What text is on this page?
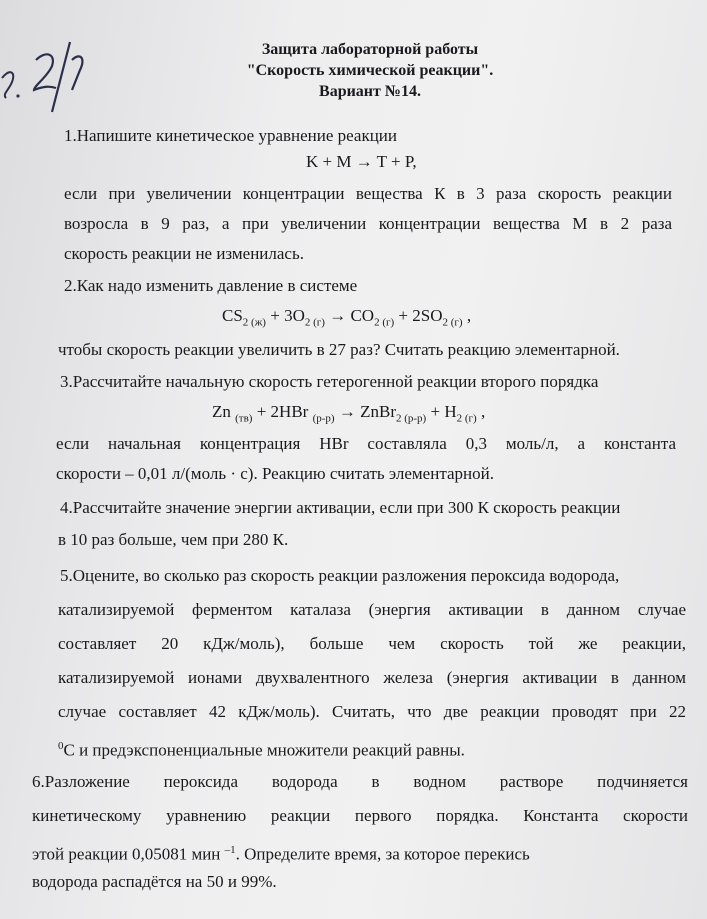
Защита лабораторной работы
"Скорость химической реакции".
Вариант №14.
1.Напишите кинетическое уравнение реакции
K + M → T + P,
если при увеличении концентрации вещества К в 3 раза скорость реакции
возросла в 9 раз, а при увеличении концентрации вещества М в 2 раза
скорость реакции не изменилась.
2.Как надо изменить давление в системе
$CS_{2 (ж)} + 3O_{2 (г)} \to CO_{2 (г)} + 2SO_{2 (г)}$ ,
чтобы скорость реакции увеличить в 27 раз? Считать реакцию элементарной.
3.Рассчитайте начальную скорость гетерогенной реакции второго порядка
Zn $_{(тв)}$ + 2HBr $_{(р-р)}$ → ZnBr$_{2 (р-р)}$ + $H_{2 (г)}$ ,
если начальная концентрация HBr составляла 0,3 моль/л, а константа
скорости – 0,01 л/(моль · с). Реакцию считать элементарной.
4.Рассчитайте значение энергии активации, если при 300 К скорость реакции
в 10 раз больше, чем при 280 К.
5.Оцените, во сколько раз скорость реакции разложения пероксида водорода,
катализируемой ферментом каталаза (энергия активации в данном случае
составляет 20 кДж/моль), больше чем скорость той же реакции,
катализируемой ионами двухвалентного железа (энергия активации в данном
случае составляет 42 кДж/моль). Считать, что две реакции проводят при 22
$^0$С и предэкспоненциальные множители реакций равны.
6.Разложение пероксида водорода в водном растворе подчиняется
кинетическому уравнению реакции первого порядка. Константа скорости
этой реакции 0,05081 мин $^{-1}$. Определите время, за которое перекись
водорода распадётся на 50 и 99%.
